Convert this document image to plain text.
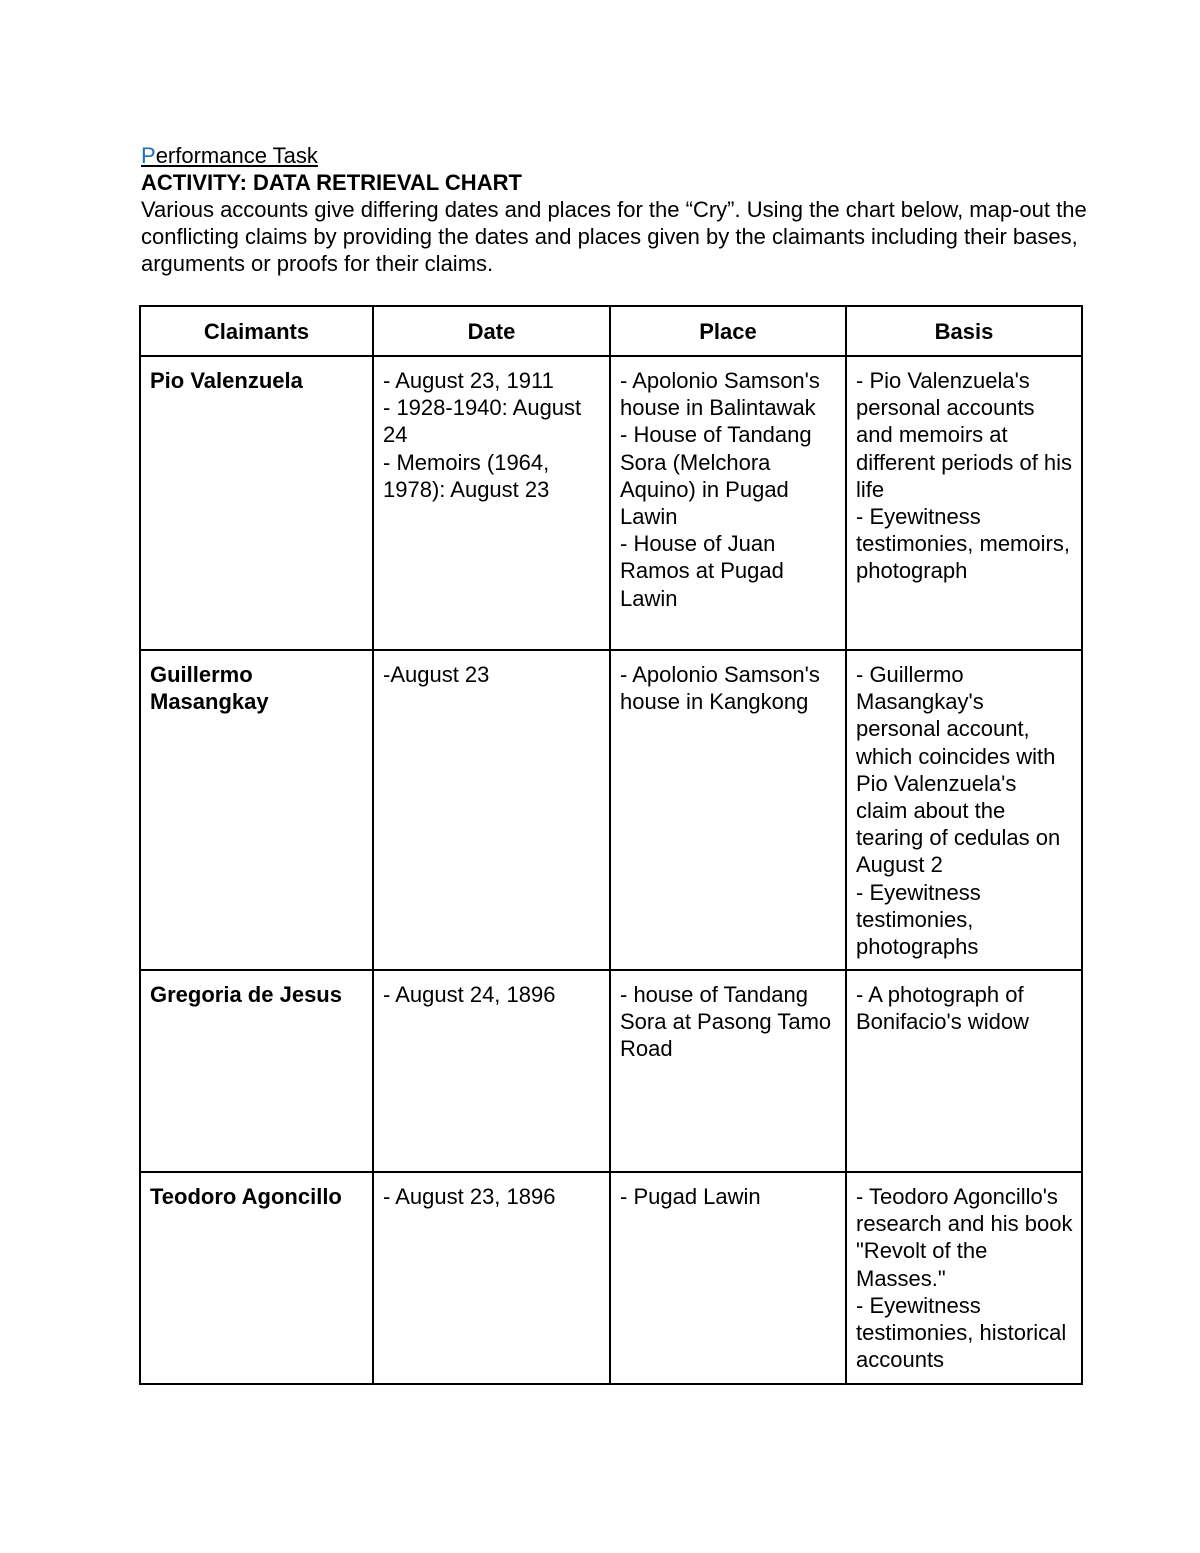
Performance Task
ACTIVITY: DATA RETRIEVAL CHART
Various accounts give differing dates and places for the “Cry”. Using the chart below, map-out the conflicting claims by providing the dates and places given by the claimants including their bases, arguments or proofs for their claims.
Claimants	Date	Place	Basis
Pio Valenzuela	- August 23, 1911
- 1928-1940: August 24
- Memoirs (1964, 1978): August 23	- Apolonio Samson's house in Balintawak
- House of Tandang Sora (Melchora Aquino) in Pugad Lawin
- House of Juan Ramos at Pugad Lawin	- Pio Valenzuela's personal accounts and memoirs at different periods of his life
- Eyewitness testimonies, memoirs, photograph

Guillermo Masangkay	-August 23	- Apolonio Samson's house in Kangkong	- Guillermo Masangkay's personal account, which coincides with Pio Valenzuela's claim about the tearing of cedulas on August 2
- Eyewitness testimonies, photographs

Gregoria de Jesus	- August 24, 1896	- house of Tandang Sora at Pasong Tamo Road	- A photograph of Bonifacio's widow

Teodoro Agoncillo	- August 23, 1896	- Pugad Lawin	- Teodoro Agoncillo's research and his book "Revolt of the Masses."
- Eyewitness testimonies, historical accounts
